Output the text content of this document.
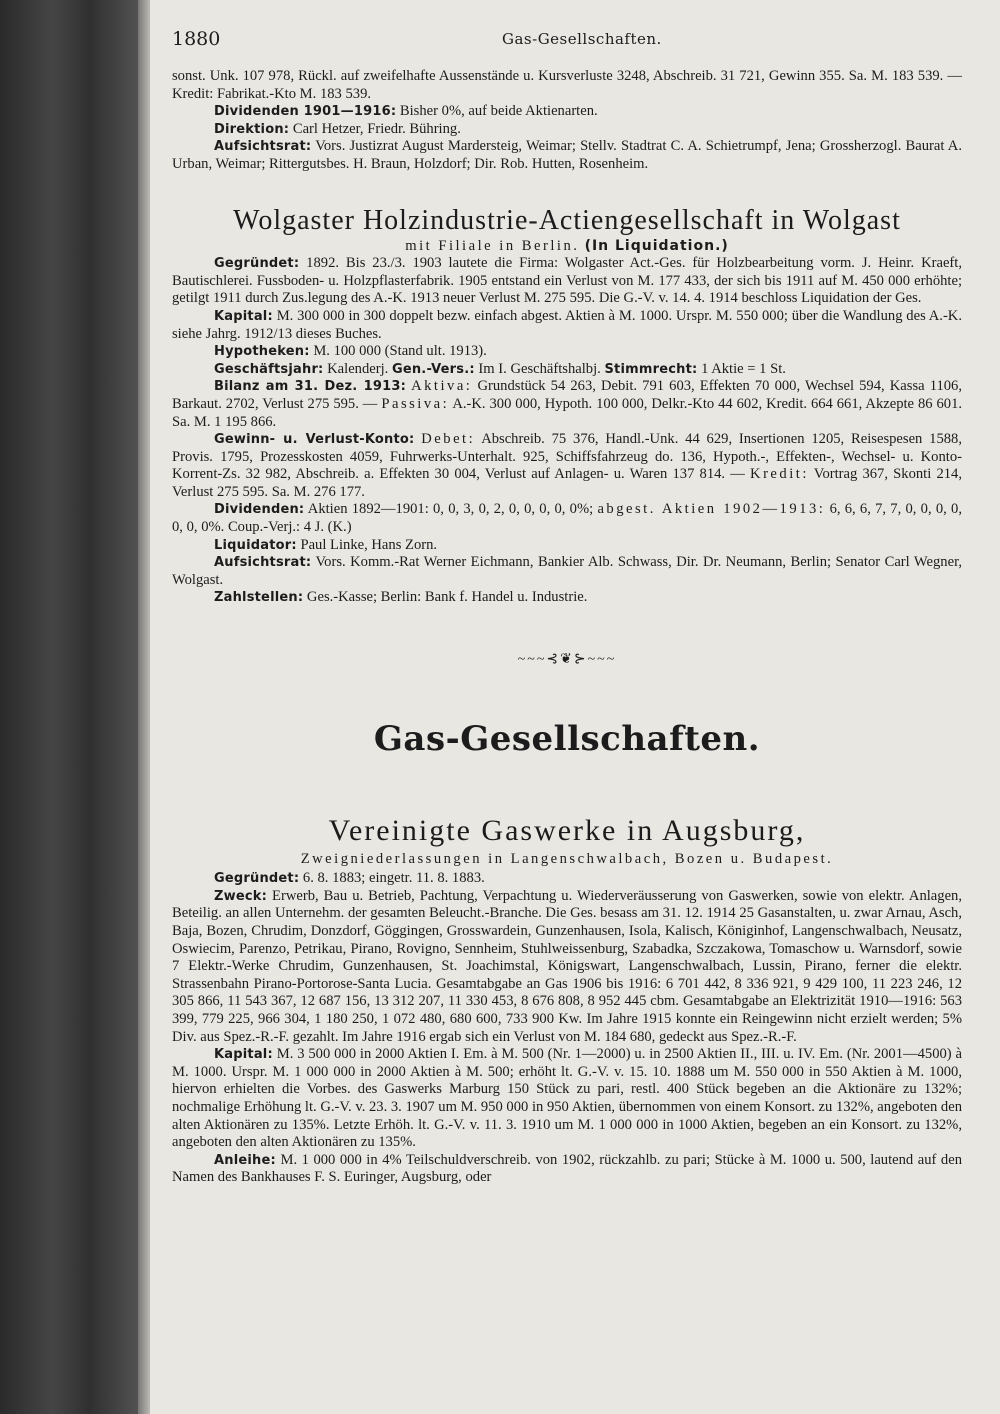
1880	Gas-Gesellschaften.

sonst. Unk. 107 978, Rückl. auf zweifelhafte Aussenstände u. Kursverluste 3248, Abschreib. 31 721, Gewinn 355. Sa. M. 183 539. — Kredit: Fabrikat.-Kto M. 183 539.

Dividenden 1901—1916: Bisher 0%, auf beide Aktienarten.

Direktion: Carl Hetzer, Friedr. Bühring.

Aufsichtsrat: Vors. Justizrat August Mardersteig, Weimar; Stellv. Stadtrat C. A. Schietrumpf, Jena; Grossherzogl. Baurat A. Urban, Weimar; Rittergutsbes. H. Braun, Holzdorf; Dir. Rob. Hutten, Rosenheim.

Wolgaster Holzindustrie-Actiengesellschaft in Wolgast

mit Filiale in Berlin. (In Liquidation.)

Gegründet: 1892. Bis 23./3. 1903 lautete die Firma: Wolgaster Act.-Ges. für Holzbearbeitung vorm. J. Heinr. Kraeft, Bautischlerei. Fussboden- u. Holzpflasterfabrik. 1905 entstand ein Verlust von M. 177 433, der sich bis 1911 auf M. 450 000 erhöhte; getilgt 1911 durch Zus.legung des A.-K. 1913 neuer Verlust M. 275 595. Die G.-V. v. 14. 4. 1914 beschloss Liquidation der Ges.

Kapital: M. 300 000 in 300 doppelt bezw. einfach abgest. Aktien à M. 1000. Urspr. M. 550 000; über die Wandlung des A.-K. siehe Jahrg. 1912/13 dieses Buches.

Hypotheken: M. 100 000 (Stand ult. 1913).

Geschäftsjahr: Kalenderj. Gen.-Vers.: Im I. Geschäftshalbj. Stimmrecht: 1 Aktie = 1 St.

Bilanz am 31. Dez. 1913: Aktiva: Grundstück 54 263, Debit. 791 603, Effekten 70 000, Wechsel 594, Kassa 1106, Barkaut. 2702, Verlust 275 595. — Passiva: A.-K. 300 000, Hypoth. 100 000, Delkr.-Kto 44 602, Kredit. 664 661, Akzepte 86 601. Sa. M. 1 195 866.

Gewinn- u. Verlust-Konto: Debet: Abschreib. 75 376, Handl.-Unk. 44 629, Insertionen 1205, Reisespesen 1588, Provis. 1795, Prozesskosten 4059, Fuhrwerks-Unterhalt. 925, Schiffsfahrzeug do. 136, Hypoth.-, Effekten-, Wechsel- u. Konto-Korrent-Zs. 32 982, Abschreib. a. Effekten 30 004, Verlust auf Anlagen- u. Waren 137 814. — Kredit: Vortrag 367, Skonti 214, Verlust 275 595. Sa. M. 276 177.

Dividenden: Aktien 1892—1901: 0, 0, 3, 0, 2, 0, 0, 0, 0, 0%; abgest. Aktien 1902—1913: 6, 6, 6, 7, 7, 0, 0, 0, 0, 0, 0, 0%. Coup.-Verj.: 4 J. (K.)

Liquidator: Paul Linke, Hans Zorn.

Aufsichtsrat: Vors. Komm.-Rat Werner Eichmann, Bankier Alb. Schwass, Dir. Dr. Neumann, Berlin; Senator Carl Wegner, Wolgast.

Zahlstellen: Ges.-Kasse; Berlin: Bank f. Handel u. Industrie.

~~~⊰❦⊱~~~
Gas-Gesellschaften.
Vereinigte Gaswerke in Augsburg,

Zweigniederlassungen in Langenschwalbach, Bozen u. Budapest.

Gegründet: 6. 8. 1883; eingetr. 11. 8. 1883.

Zweck: Erwerb, Bau u. Betrieb, Pachtung, Verpachtung u. Wiederveräusserung von Gaswerken, sowie von elektr. Anlagen, Beteilig. an allen Unternehm. der gesamten Beleucht.-Branche. Die Ges. besass am 31. 12. 1914 25 Gasanstalten, u. zwar Arnau, Asch, Baja, Bozen, Chrudim, Donzdorf, Göggingen, Grosswardein, Gunzenhausen, Isola, Kalisch, Königinhof, Langenschwalbach, Neusatz, Oswiecim, Parenzo, Petrikau, Pirano, Rovigno, Sennheim, Stuhlweissenburg, Szabadka, Szczakowa, Tomaschow u. Warnsdorf, sowie 7 Elektr.-Werke Chrudim, Gunzenhausen, St. Joachimstal, Königswart, Langenschwalbach, Lussin, Pirano, ferner die elektr. Strassenbahn Pirano-Portorose-Santa Lucia. Gesamtabgabe an Gas 1906 bis 1916: 6 701 442, 8 336 921, 9 429 100, 11 223 246, 12 305 866, 11 543 367, 12 687 156, 13 312 207, 11 330 453, 8 676 808, 8 952 445 cbm. Gesamtabgabe an Elektrizität 1910—1916: 563 399, 779 225, 966 304, 1 180 250, 1 072 480, 680 600, 733 900 Kw. Im Jahre 1915 konnte ein Reingewinn nicht erzielt werden; 5% Div. aus Spez.-R.-F. gezahlt. Im Jahre 1916 ergab sich ein Verlust von M. 184 680, gedeckt aus Spez.-R.-F.

Kapital: M. 3 500 000 in 2000 Aktien I. Em. à M. 500 (Nr. 1—2000) u. in 2500 Aktien II., III. u. IV. Em. (Nr. 2001—4500) à M. 1000. Urspr. M. 1 000 000 in 2000 Aktien à M. 500; erhöht lt. G.-V. v. 15. 10. 1888 um M. 550 000 in 550 Aktien à M. 1000, hiervon erhielten die Vorbes. des Gaswerks Marburg 150 Stück zu pari, restl. 400 Stück begeben an die Aktionäre zu 132%; nochmalige Erhöhung lt. G.-V. v. 23. 3. 1907 um M. 950 000 in 950 Aktien, übernommen von einem Konsort. zu 132%, angeboten den alten Aktionären zu 135%. Letzte Erhöh. lt. G.-V. v. 11. 3. 1910 um M. 1 000 000 in 1000 Aktien, begeben an ein Konsort. zu 132%, angeboten den alten Aktionären zu 135%.

Anleihe: M. 1 000 000 in 4% Teilschuldverschreib. von 1902, rückzahlb. zu pari; Stücke à M. 1000 u. 500, lautend auf den Namen des Bankhauses F. S. Euringer, Augsburg, oder
